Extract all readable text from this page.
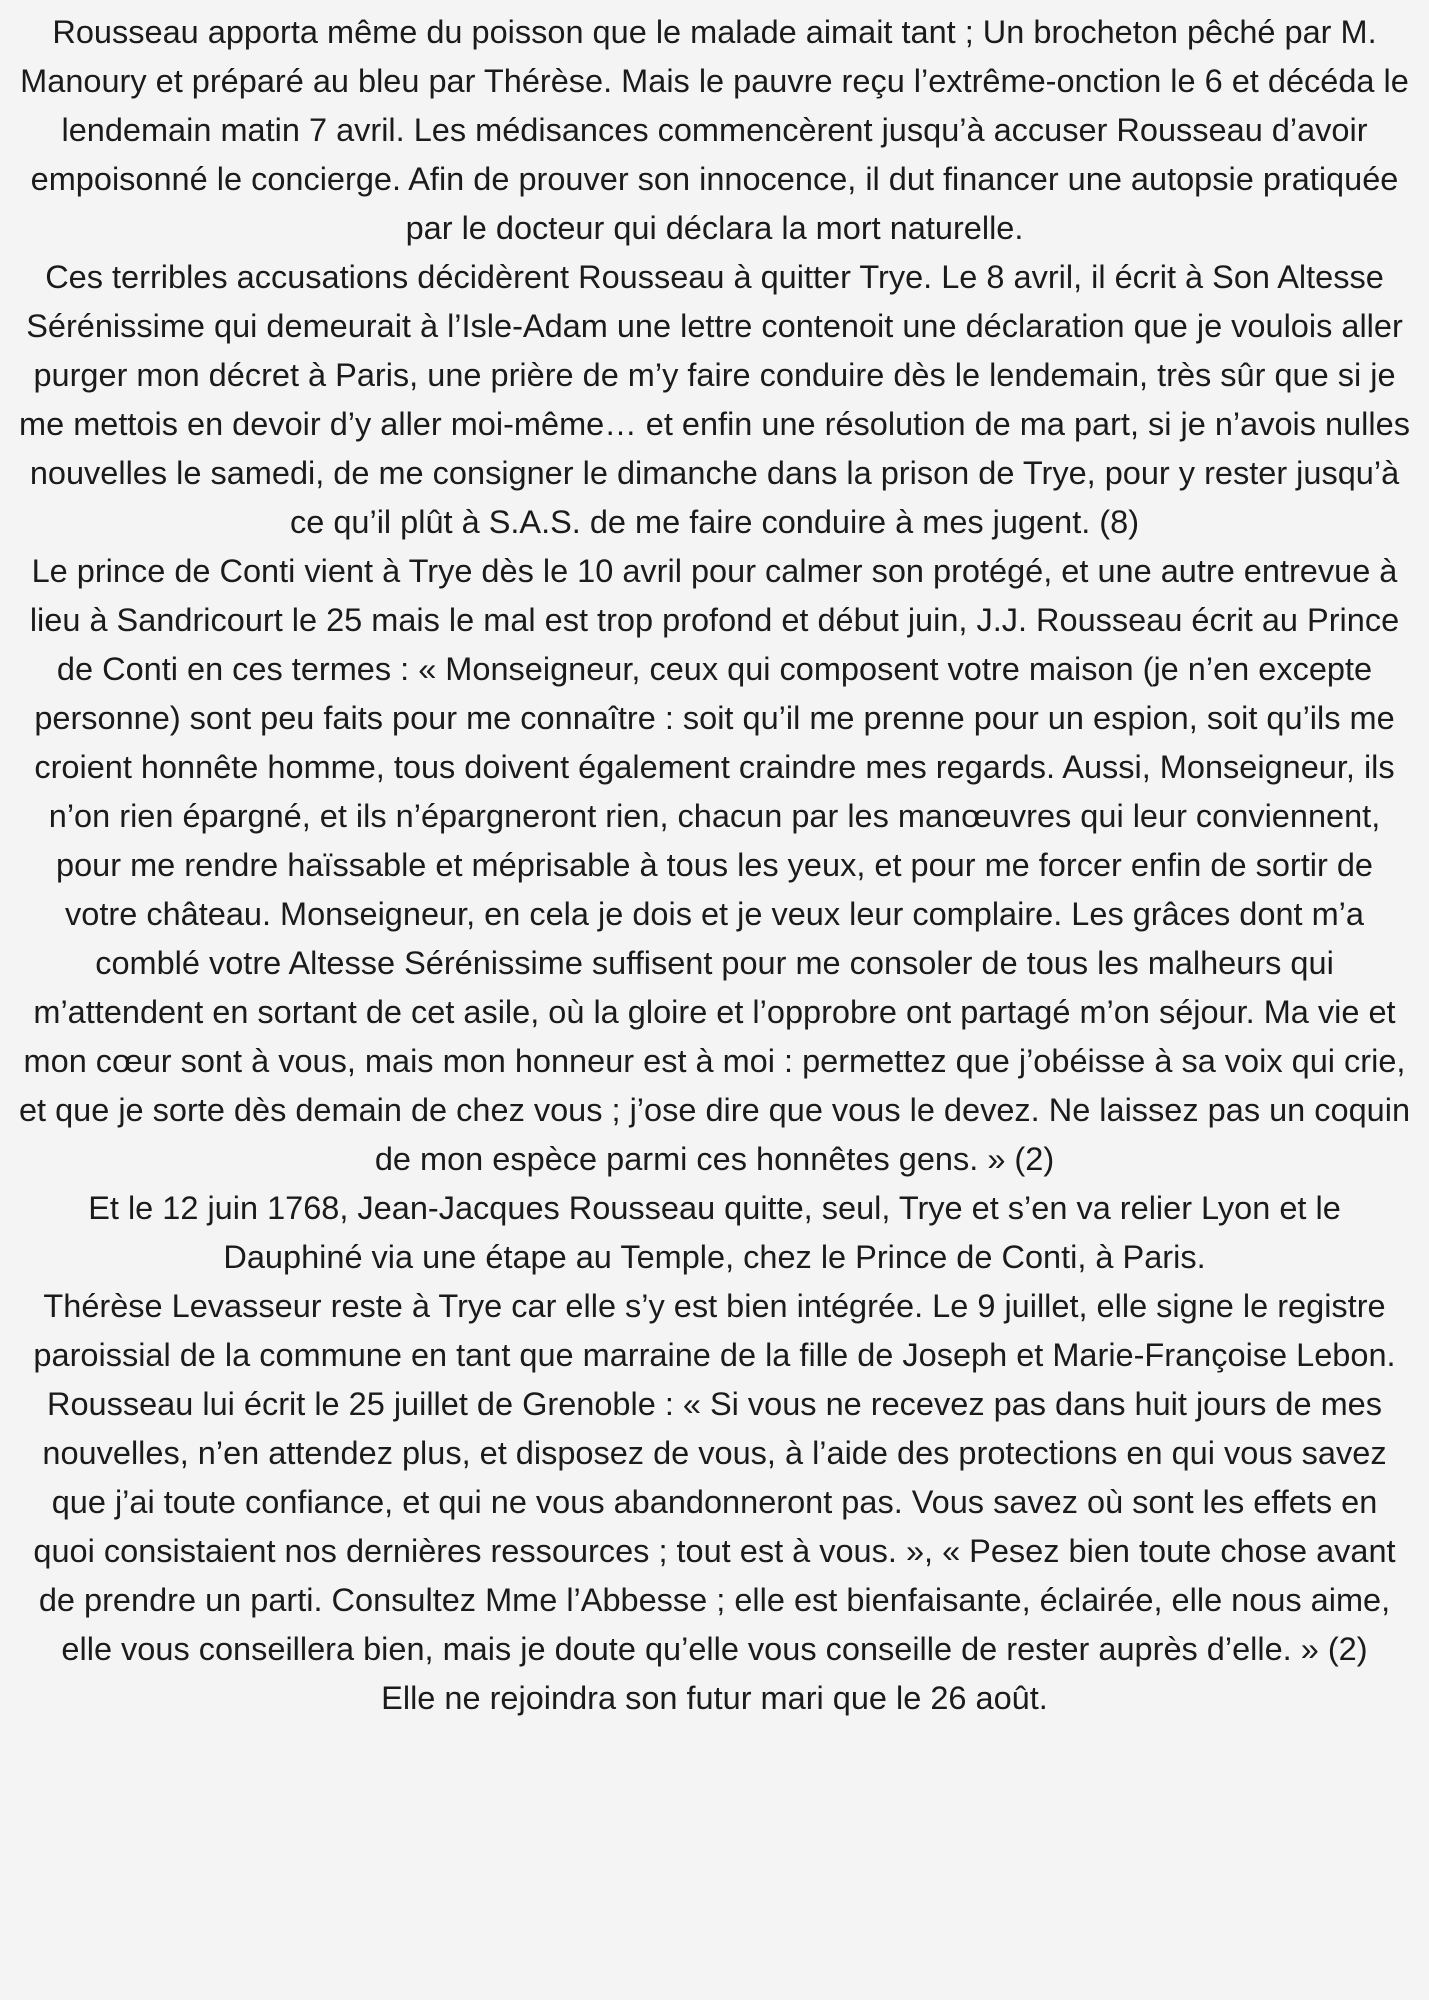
Rousseau apporta même du poisson que le malade aimait tant ; Un brocheton pêché par M. Manoury et préparé au bleu par Thérèse. Mais le pauvre reçu l’extrême-onction le 6 et décéda le lendemain matin 7 avril. Les médisances commencèrent jusqu’à accuser Rousseau d’avoir empoisonné le concierge. Afin de prouver son innocence, il dut financer une autopsie pratiquée par le docteur qui déclara la mort naturelle.

Ces terribles accusations décidèrent Rousseau à quitter Trye. Le 8 avril, il écrit à Son Altesse Sérénissime qui demeurait à l’Isle-Adam une lettre contenoit une déclaration que je voulois aller purger mon décret à Paris, une prière de m’y faire conduire dès le lendemain, très sûr que si je me mettois en devoir d’y aller moi-même… et enfin une résolution de ma part, si je n’avois nulles nouvelles le samedi, de me consigner le dimanche dans la prison de Trye, pour y rester jusqu’à ce qu’il plût à S.A.S. de me faire conduire à mes jugent. (8)

Le prince de Conti vient à Trye dès le 10 avril pour calmer son protégé, et une autre entrevue à lieu à Sandricourt le 25 mais le mal est trop profond et début juin, J.J. Rousseau écrit au Prince de Conti en ces termes : « Monseigneur, ceux qui composent votre maison (je n’en excepte personne) sont peu faits pour me connaître : soit qu’il me prenne pour un espion, soit qu’ils me croient honnête homme, tous doivent également craindre mes regards. Aussi, Monseigneur, ils n’on rien épargné, et ils n’épargneront rien, chacun par les manœuvres qui leur conviennent, pour me rendre haïssable et méprisable à tous les yeux, et pour me forcer enfin de sortir de votre château. Monseigneur, en cela je dois et je veux leur complaire. Les grâces dont m’a comblé votre Altesse Sérénissime suffisent pour me consoler de tous les malheurs qui m’attendent en sortant de cet asile, où la gloire et l’opprobre ont partagé m’on séjour. Ma vie et mon cœur sont à vous, mais mon honneur est à moi : permettez que j’obéisse à sa voix qui crie, et que je sorte dès demain de chez vous ; j’ose dire que vous le devez. Ne laissez pas un coquin de mon espèce parmi ces honnêtes gens. » (2)

Et le 12 juin 1768, Jean-Jacques Rousseau quitte, seul, Trye et s’en va relier Lyon et le Dauphiné via une étape au Temple, chez le Prince de Conti, à Paris.

Thérèse Levasseur reste à Trye car elle s’y est bien intégrée. Le 9 juillet, elle signe le registre paroissial de la commune en tant que marraine de la fille de Joseph et Marie-Françoise Lebon.

Rousseau lui écrit le 25 juillet de Grenoble : « Si vous ne recevez pas dans huit jours de mes nouvelles, n’en attendez plus, et disposez de vous, à l’aide des protections en qui vous savez que j’ai toute confiance, et qui ne vous abandonneront pas. Vous savez où sont les effets en quoi consistaient nos dernières ressources ; tout est à vous. », « Pesez bien toute chose avant de prendre un parti. Consultez Mme l’Abbesse ; elle est bienfaisante, éclairée, elle nous aime, elle vous conseillera bien, mais je doute qu’elle vous conseille de rester auprès d’elle. » (2)

Elle ne rejoindra son futur mari que le 26 août.
